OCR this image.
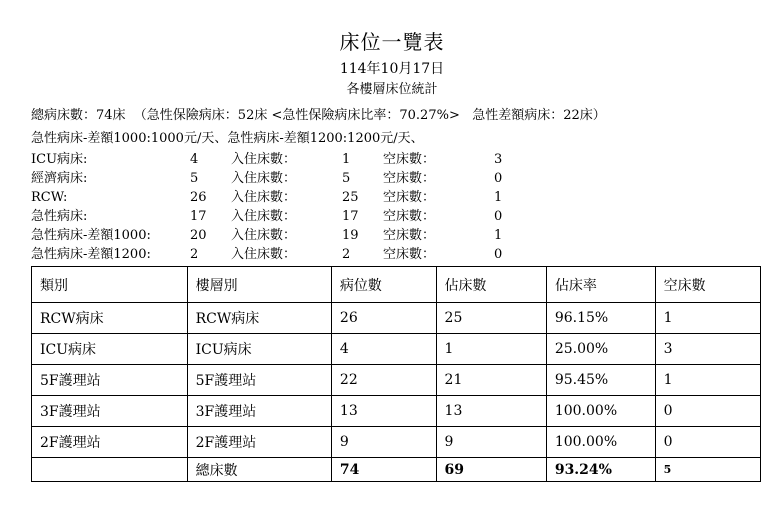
床位一覽表
114年10月17日
各樓層床位統計
總病床數：74床  （急性保險病床：52床 <急性保險病床比率：70.27%>   急性差額病床：22床）
急性病床-差額1000:1000元/天、急性病床-差額1200:1200元/天、
ICU病床:	4	入住床數：	1	空床數：	3
經濟病床:	5	入住床數：	5	空床數：	0
RCW:	26 入住床數：	25 空床數：	1
急性病床:	17 入住床數：	17 空床數：	0
急性病床-差額1000:	20 入住床數：	19 空床數：	1
急性病床-差額1200:	2	入住床數：	2	空床數：	0
類別	樓層別	病位數	佔床數	佔床率	空床數
RCW病床	RCW病床	26	25	96.15%	1
ICU病床	ICU病床	4	1	25.00%	3
5F護理站	5F護理站	22	21	95.45%	1
3F護理站	3F護理站	13	13	100.00%	0
2F護理站	2F護理站	9	9	100.00%	0
	總床數	74	69	93.24%	5
